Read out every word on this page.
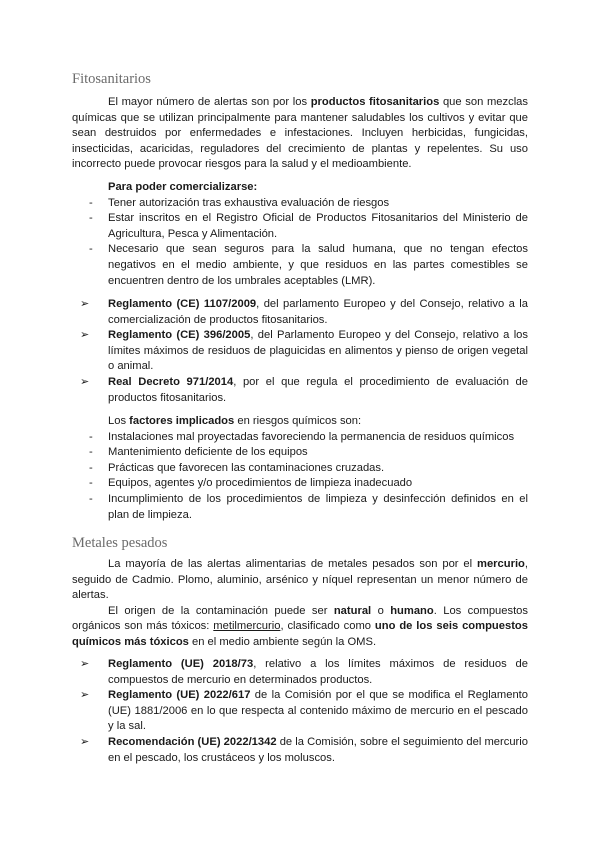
Fitosanitarios

El mayor número de alertas son por los productos fitosanitarios que son mezclas químicas que se utilizan principalmente para mantener saludables los cultivos y evitar que sean destruidos por enfermedades e infestaciones. Incluyen herbicidas, fungicidas, insecticidas, acaricidas, reguladores del crecimiento de plantas y repelentes. Su uso incorrecto puede provocar riesgos para la salud y el medioambiente.

Para poder comercializarse:

- Tener autorización tras exhaustiva evaluación de riesgos
- Estar inscritos en el Registro Oficial de Productos Fitosanitarios del Ministerio de Agricultura, Pesca y Alimentación.
- Necesario que sean seguros para la salud humana, que no tengan efectos negativos en el medio ambiente, y que residuos en las partes comestibles se encuentren dentro de los umbrales aceptables (LMR).
➢ Reglamento (CE) 1107/2009, del parlamento Europeo y del Consejo, relativo a la comercialización de productos fitosanitarios.
➢ Reglamento (CE) 396/2005, del Parlamento Europeo y del Consejo, relativo a los límites máximos de residuos de plaguicidas en alimentos y pienso de origen vegetal o animal.
➢ Real Decreto 971/2014, por el que regula el procedimiento de evaluación de productos fitosanitarios.

Los factores implicados en riesgos químicos son:

- Instalaciones mal proyectadas favoreciendo la permanencia de residuos químicos
- Mantenimiento deficiente de los equipos
- Prácticas que favorecen las contaminaciones cruzadas.
- Equipos, agentes y/o procedimientos de limpieza inadecuado
- Incumplimiento de los procedimientos de limpieza y desinfección definidos en el plan de limpieza.
Metales pesados

La mayoría de las alertas alimentarias de metales pesados son por el mercurio, seguido de Cadmio. Plomo, aluminio, arsénico y níquel representan un menor número de alertas.

El origen de la contaminación puede ser natural o humano. Los compuestos orgánicos son más tóxicos: metilmercurio, clasificado como uno de los seis compuestos químicos más tóxicos en el medio ambiente según la OMS.

➢ Reglamento (UE) 2018/73, relativo a los límites máximos de residuos de compuestos de mercurio en determinados productos.
➢ Reglamento (UE) 2022/617 de la Comisión por el que se modifica el Reglamento (UE) 1881/2006 en lo que respecta al contenido máximo de mercurio en el pescado y la sal.
➢ Recomendación (UE) 2022/1342 de la Comisión, sobre el seguimiento del mercurio en el pescado, los crustáceos y los moluscos.
